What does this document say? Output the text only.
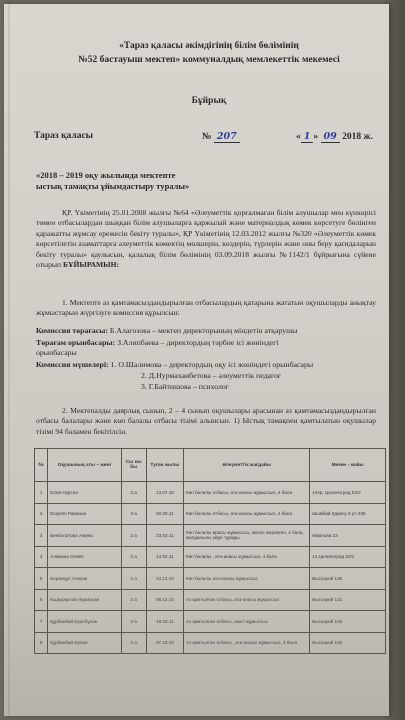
«Тараз қаласы әкімдігінің білім бөлімінің
№52 бастауыш мектеп» коммуналдық мемлекеттік мекемесі
Бұйрық
Тараз қаласы	№ 207	« 1 » 09 2018 ж.
«2018 – 2019 оқу жылында мектепте
ыстық тамақты ұйымдастыру туралы»
ҚР. Үкіметінің 25.01.2008 жылғы №64 «Әлеуметтік қорғалмаған білім алушылар мен күнкөрісі төмен отбасылардан шыққан білім алушыларға қаржылай және материалдық көмек көрсетуге бөлінген қаражатты жұмсау ережесін бекіту туралы», ҚР Үкіметінің 12.03.2012 жылғы №320 «Әлеуметтік көмек көрсетілетін азаматтарға әлеуметтік көмектің мөлшерін, көздерін, түрлерін және оны беру қағидаларын бекіту туралы» қаулысын, қалалық білім бөлімінің 03.09.2018 жылғы №1142/1 бұйрығына сүйене отырып БҰЙЫРАМЫН:
1. Мектепте аз қамтамасыздандырылған отбасылардың қатарына жататын оқушыларды анықтау жұмыстарын жүргізуге комиссия құрылсын:
Комиссия төрағасы: Б.Алагозова – мектеп директорының міндетін атқарушы
Төрағам орынбасары: З.Алипбаева – директордың тәрбие ісі жөніндегі
орынбасары
Комиссия мүшелері: 1. О.Шалимова – директордың оқу ісі жөніндегі орынбасары
2. Д.Нурмахаибетова – әлеуметтік педагог
3. Г.Байтишова – психолог
2. Мектепалды даярлық сынып, 2 – 4 сынып оқушылары арасынан аз қамтамасыздандырылған отбасы балалары және көп балалы отбасы тізімі алынсын. 1) Ыстық тамақпен қамтылатын оқушылар тізімі 94 баламен бекітілсін.
№	Оқушының аты – жөні	Сы ны бы	Туған жылы	Әлеуметтік жағдайы	Мекен - жайы
1	Елеи Нурсая	2 а	13.07.10	Көп балалы отбасы, ата-анасы жұмыссыз, 4 бала	1пер. Целиноград 52/2
2	Есірепп Рамазан	2 а	02.08.11	Көп балалы отбасы, ата-анасы жұмыссыз, 4 бала	Шымбай Қарасу 6 уч 236
3	Бекболатова Ажина	2 а	23.03.11	Көп балалы ирасы жұмыссыз, әкесін жерлеген, 4 бала, жалданылы үйде тұрады	Иманова 23
4	Алимхан Оляяс	2 а	14.02.11	Көп балалы , ата-анасы жұмыссыз, 4 бала	1п.Целиноград 22/1
5	Боранқұл Алихан	2 а	23.12.10	Көп балалы ата-анасы жұмыссыз	Высоцкий 135
6	Кыдыркулов Нурмахан	2 а	08.12.10	Аз қамтылған отбасы, ата-анасы жұмыссыз	Высоцкий 131
7	Құрбанбай Ерасбұлан	2 а	19.03.11	Аз қамтылған отбасы, әкесі жұмыссыз	Высоцкий 100
8	Құрбанбай Ерлан	2 а	07.10.10	Аз қамтылған отбасы , ата-анасы жұмыссыз, 3 бала	Высоцкий 100
